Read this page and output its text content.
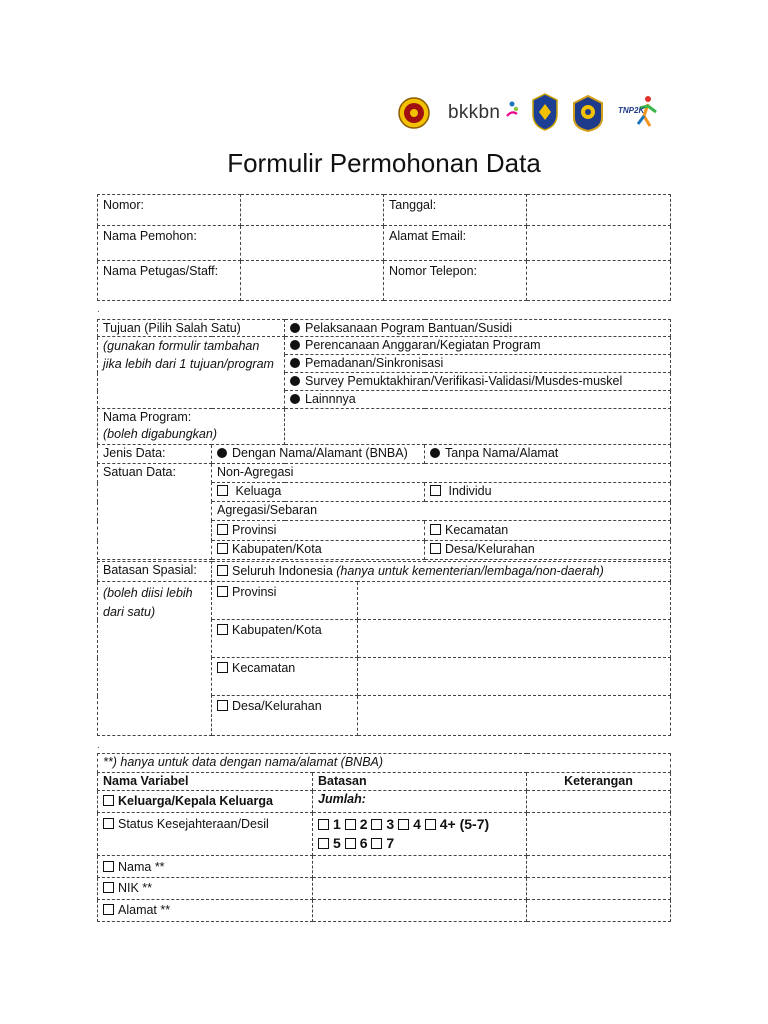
bkkbn	TNP2K
Formulir Permohonan Data
Nomor:		Tanggal:	
Nama Pemohon:		Alamat Email:	
Nama Petugas/Staff:		Nomor Telepon:	
.
Tujuan (Pilih Salah Satu)		Pelaksanaan Pogram Bantuan/Susidi	
(gunakan formulir tambahan jika lebih dari 1 tujuan/program		Perencanaan Anggaran/Kegiatan Program	
		Pemadanan/Sinkronisasi	
		Survey Pemuktakhiran/Verifikasi-Validasi/Musdes-muskel	
		Lainnnya	

Nama Program:
(boleh digabungkan)			

Jenis Data:	Dengan Nama/Alamant (BNBA)		Tanpa Nama/Alamat
Satuan Data:	Non-Agregasi		
	Keluaga		Individu
	Agregasi/Sebaran		
	Provinsi		Kecamatan
	Kabupaten/Kota		Desa/Kelurahan
Batasan Spasial:	Seluruh Indonesia (hanya untuk kementerian/lembaga/non-daerah)	
(boleh diisi lebih dari satu)	Provinsi	
	Kabupaten/Kota	
	Kecamatan	
	Desa/Kelurahan	
.
**) hanya untuk data dengan nama/alamat (BNBA)		
Nama Variabel	Batasan	Keterangan
Keluarga/Kepala Keluarga	Jumlah:	
Status Kesejahteraan/Desil	1 2 3 4 4+ (5-7)
5 6 7	

Nama **		
NIK **		
Alamat **		
